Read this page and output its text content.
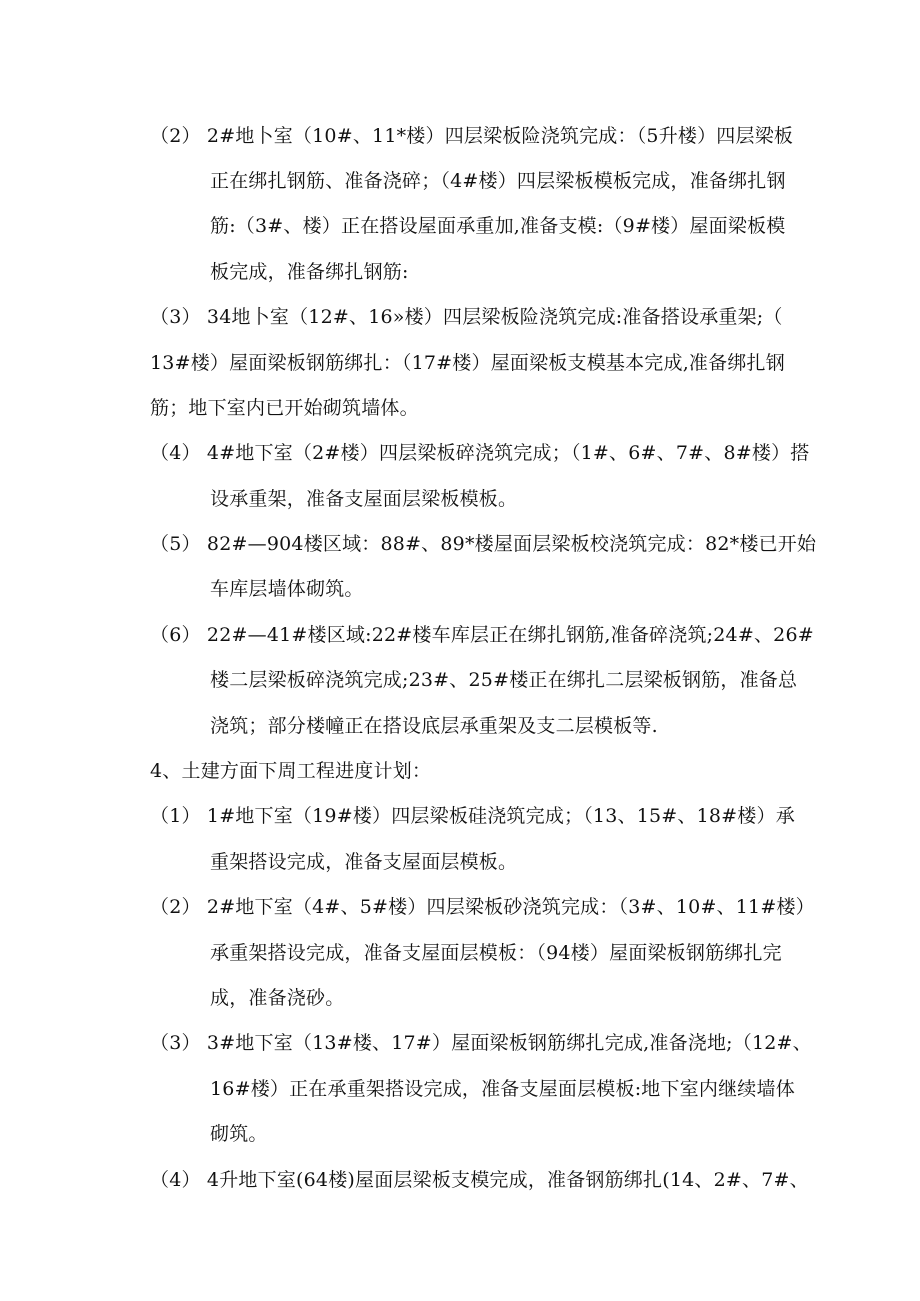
（2） 2#地卜室（10#、11*楼）四层梁板险浇筑完成：（5升楼）四层梁板
正在绑扎钢筋、准备浇碎；（4#楼）四层梁板模板完成，准备绑扎钢
筋:（3#、楼）正在搭设屋面承重加,准备支模:（9#楼）屋面梁板模
板完成，准备绑扎钢筋:
（3） 34地卜室（12#、16»楼）四层梁板险浇筑完成:准备搭设承重架;（
13#楼）屋面梁板钢筋绑扎：（17#楼）屋面梁板支模基本完成,准备绑扎钢
筋；地下室内已开始砌筑墙体。
（4） 4#地下室（2#楼）四层梁板碎浇筑完成；（1#、6#、7#、8#楼）搭
设承重架，准备支屋面层梁板模板。
（5） 82#—904楼区域：88#、89*楼屋面层梁板校浇筑完成：82*楼已开始
车库层墙体砌筑。
（6） 22#—41#楼区域:22#楼车库层正在绑扎钢筋,准备碎浇筑;24#、26#
楼二层梁板碎浇筑完成;23#、25#楼正在绑扎二层梁板钢筋，准备总
浇筑；部分楼幢正在搭设底层承重架及支二层模板等.
4、土建方面下周工程进度计划：
（1） 1#地下室（19#楼）四层梁板硅浇筑完成；（13、15#、18#楼）承
重架搭设完成，准备支屋面层模板。
（2） 2#地下室（4#、5#楼）四层梁板砂浇筑完成：（3#、10#、11#楼）
承重架搭设完成，准备支屋面层模板：（94楼）屋面梁板钢筋绑扎完
成，准备浇砂。
（3） 3#地下室（13#楼、17#）屋面梁板钢筋绑扎完成,准备浇地;（12#、
16#楼）正在承重架搭设完成，准备支屋面层模板:地下室内继续墙体
砌筑。
（4） 4升地下室(64楼)屋面层梁板支模完成，准备钢筋绑扎(14、2#、7#、
